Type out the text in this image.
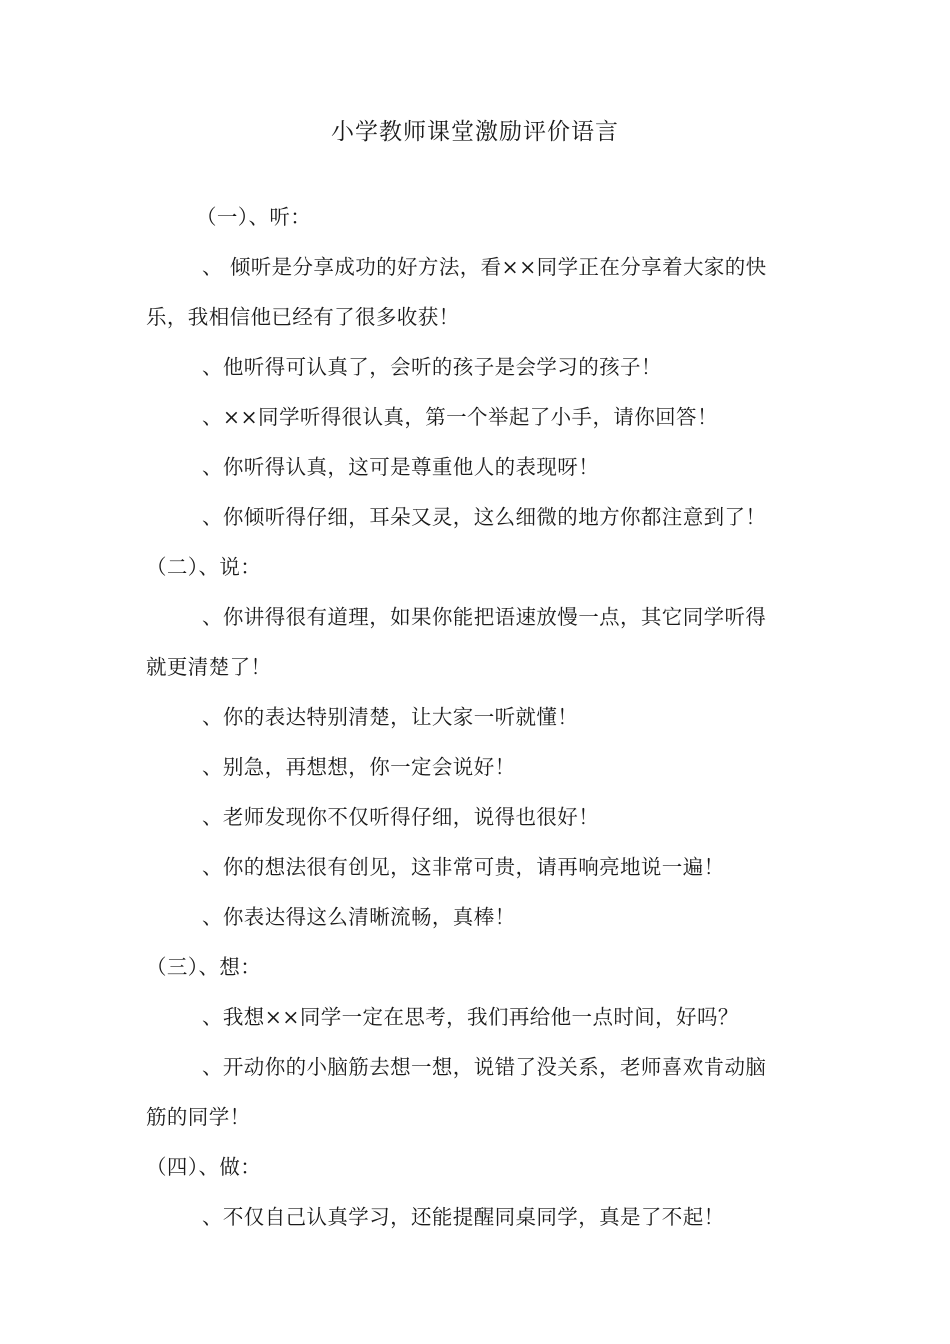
小学教师课堂激励评价语言
（一）、听：
、 倾听是分享成功的好方法，看××同学正在分享着大家的快
乐，我相信他已经有了很多收获！
、他听得可认真了，会听的孩子是会学习的孩子！
、××同学听得很认真，第一个举起了小手，请你回答！
、你听得认真，这可是尊重他人的表现呀！
、你倾听得仔细，耳朵又灵，这么细微的地方你都注意到了！
（二）、说：
、你讲得很有道理，如果你能把语速放慢一点，其它同学听得
就更清楚了！
、你的表达特别清楚，让大家一听就懂！
、别急，再想想，你一定会说好！
、老师发现你不仅听得仔细，说得也很好！
、你的想法很有创见，这非常可贵，请再响亮地说一遍！
、你表达得这么清晰流畅，真棒！
（三）、想：
、我想××同学一定在思考，我们再给他一点时间，好吗？
、开动你的小脑筋去想一想，说错了没关系，老师喜欢肯动脑
筋的同学！
（四）、做：
、不仅自己认真学习，还能提醒同桌同学，真是了不起！
